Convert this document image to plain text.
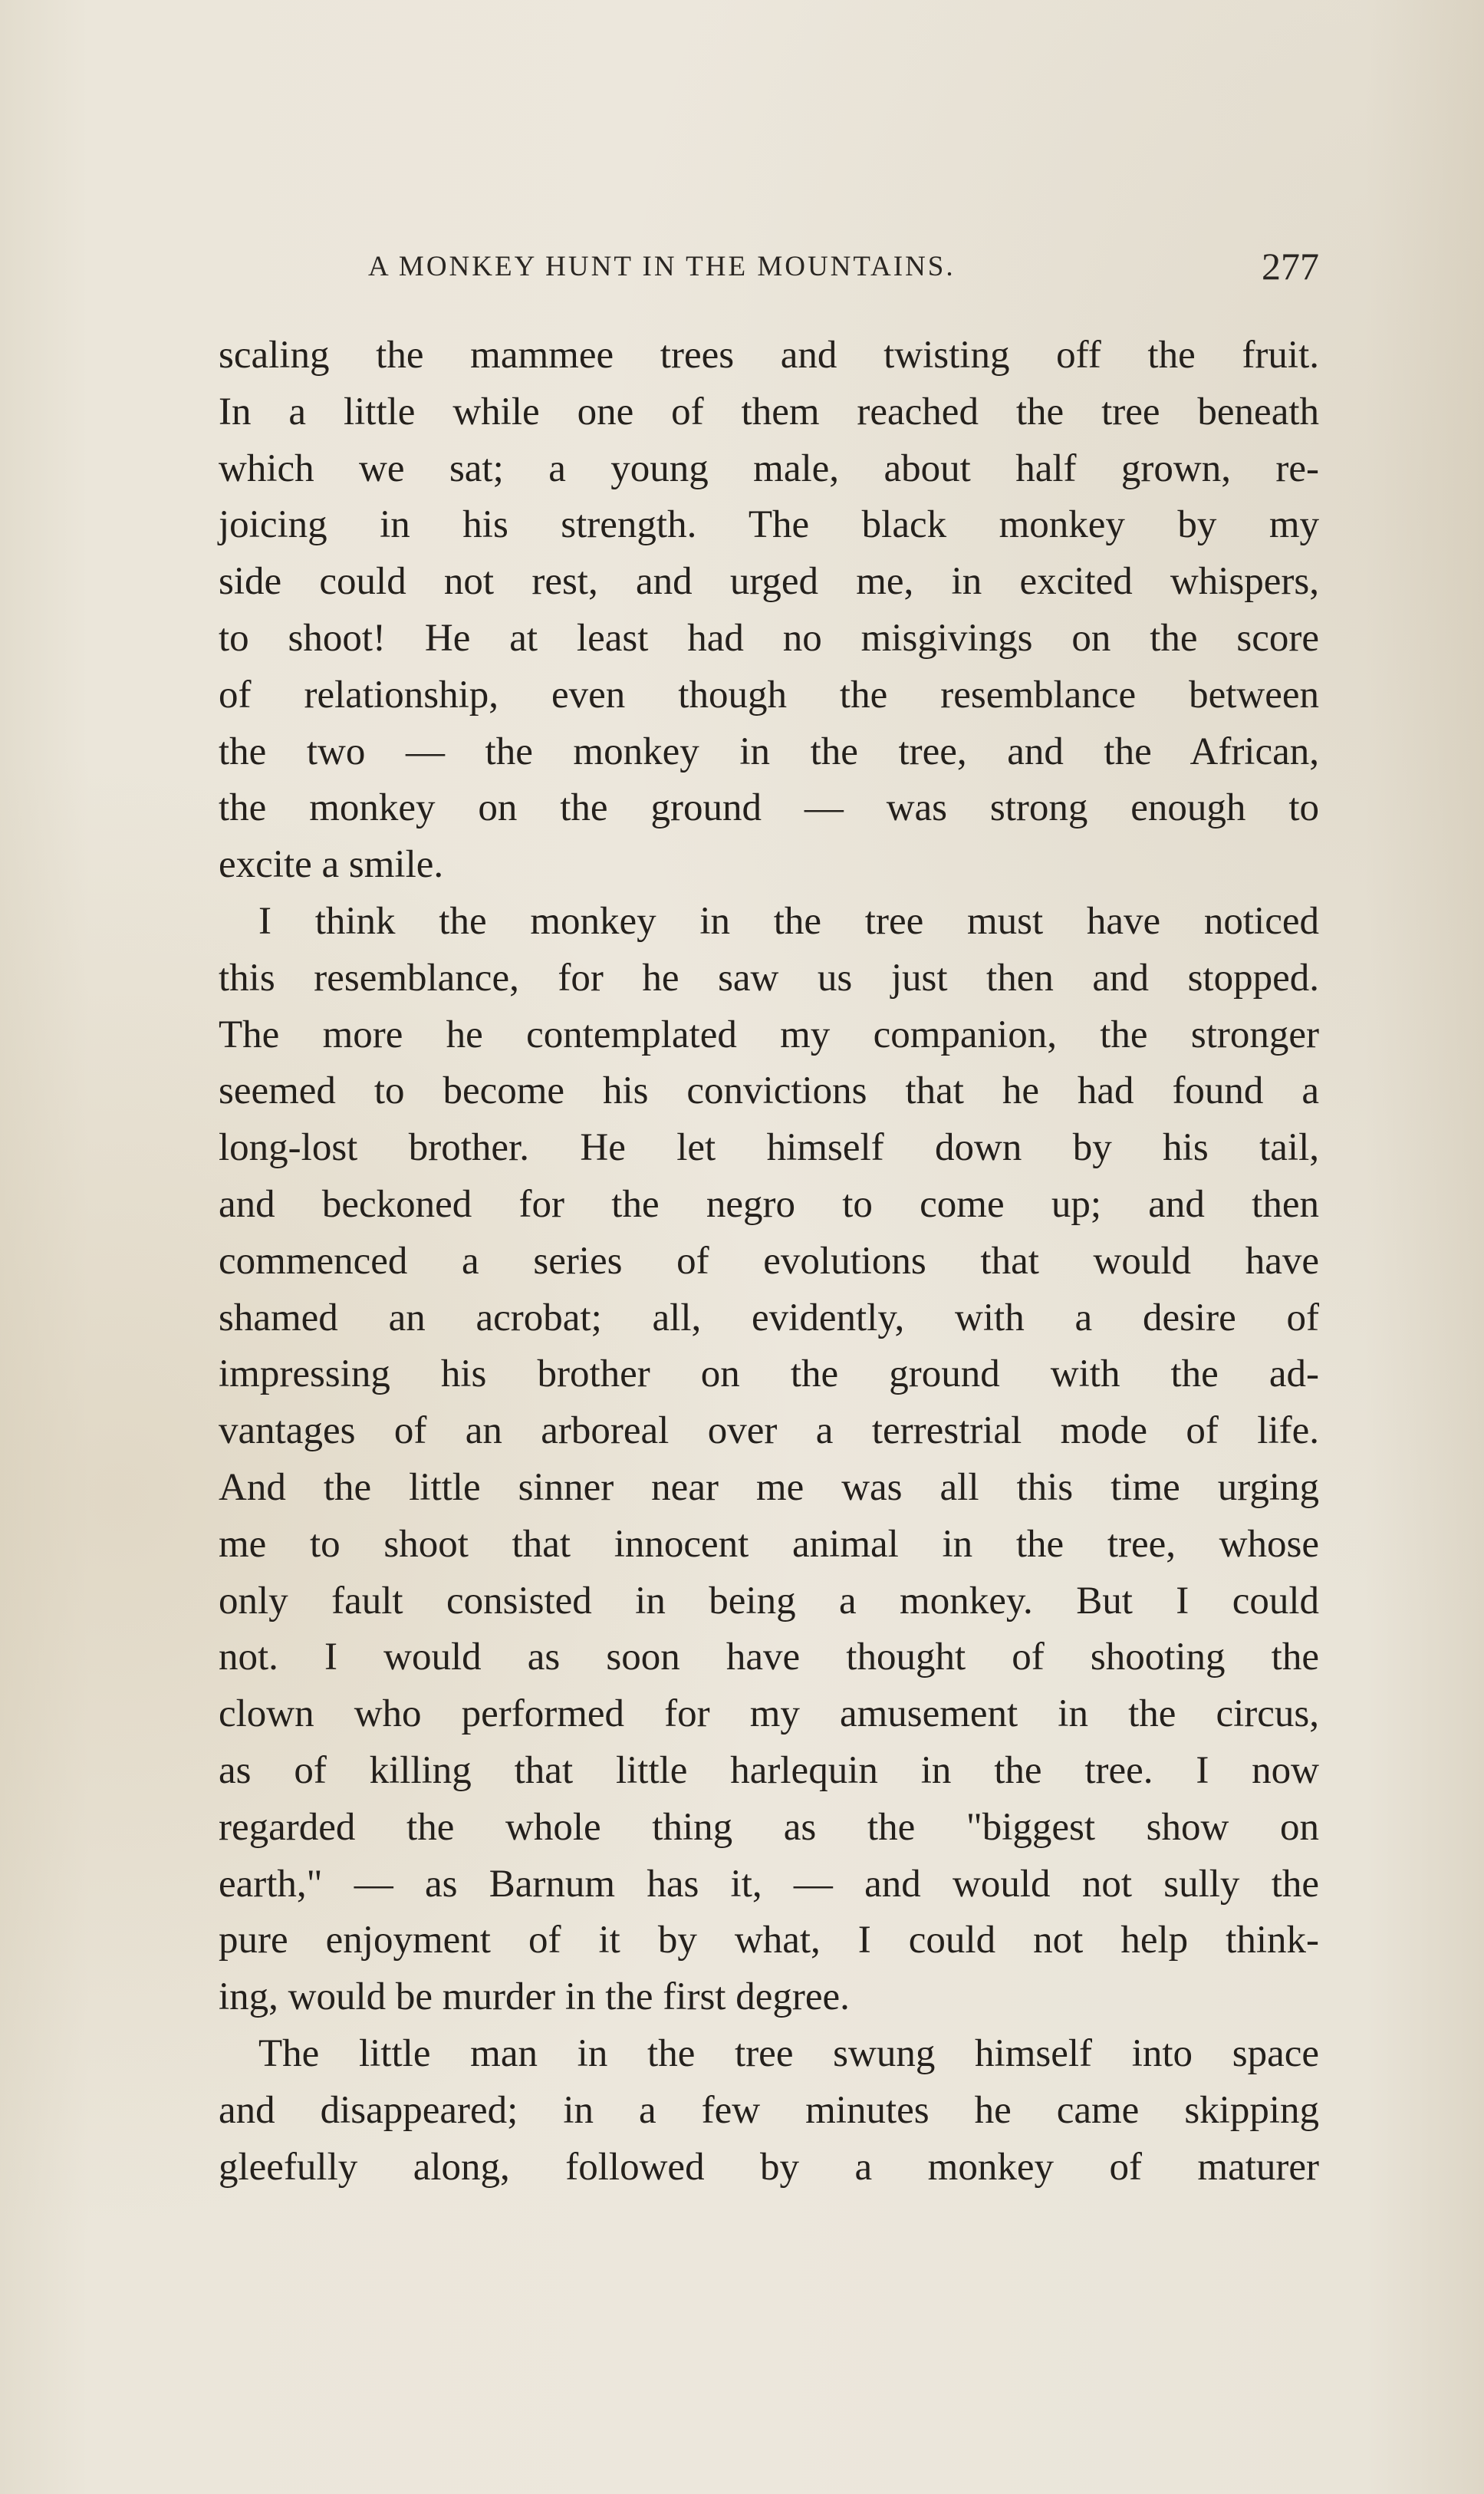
A MONKEY HUNT IN THE MOUNTAINS.	277
scaling the mammee trees and twisting off the fruit.
In a little while one of them reached the tree beneath
which we sat; a young male, about half grown, re-
joicing in his strength. The black monkey by my
side could not rest, and urged me, in excited whispers,
to shoot! He at least had no misgivings on the score
of relationship, even though the resemblance between
the two — the monkey in the tree, and the African,
the monkey on the ground — was strong enough to
excite a smile.
I think the monkey in the tree must have noticed
this resemblance, for he saw us just then and stopped.
The more he contemplated my companion, the stronger
seemed to become his convictions that he had found a
long-lost brother. He let himself down by his tail,
and beckoned for the negro to come up; and then
commenced a series of evolutions that would have
shamed an acrobat; all, evidently, with a desire of
impressing his brother on the ground with the ad-
vantages of an arboreal over a terrestrial mode of life.
And the little sinner near me was all this time urging
me to shoot that innocent animal in the tree, whose
only fault consisted in being a monkey. But I could
not. I would as soon have thought of shooting the
clown who performed for my amusement in the circus,
as of killing that little harlequin in the tree. I now
regarded the whole thing as the "biggest show on
earth," — as Barnum has it, — and would not sully the
pure enjoyment of it by what, I could not help think-
ing, would be murder in the first degree.
The little man in the tree swung himself into space
and disappeared; in a few minutes he came skipping
gleefully along, followed by a monkey of maturer
